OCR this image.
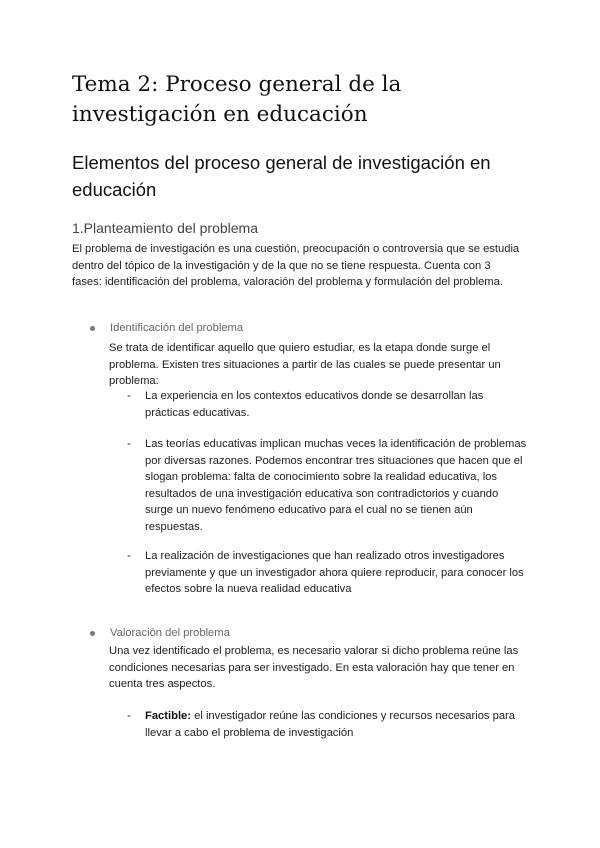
Tema 2: Proceso general de la investigación en educación
Elementos del proceso general de investigación en educación
1.Planteamiento del problema

El problema de investigación es una cuestión, preocupación o controversia que se estudia dentro del tópico de la investigación y de la que no se tiene respuesta. Cuenta con 3 fases: identificación del problema, valoración del problema y formulación del problema.

Identificación del problema

Se trata de identificar aquello que quiero estudiar, es la etapa donde surge el problema. Existen tres situaciones a partir de las cuales se puede presentar un problema:

- La experiencia en los contextos educativos donde se desarrollan las prácticas educativas.
- Las teorías educativas implican muchas veces la identificación de problemas por diversas razones. Podemos encontrar tres situaciones que hacen que el slogan problema: falta de conocimiento sobre la realidad educativa, los resultados de una investigación educativa son contradictorios y cuando surge un nuevo fenómeno educativo para el cual no se tienen aún respuestas.
- La realización de investigaciones que han realizado otros investigadores previamente y que un investigador ahora quiere reproducir, para conocer los efectos sobre la nueva realidad educativa
Valoración del problema

Una vez identificado el problema, es necesario valorar si dicho problema reúne las condiciones necesarias para ser investigado. En esta valoración hay que tener en cuenta tres aspectos.

- Factible: el investigador reúne las condiciones y recursos necesarios para llevar a cabo el problema de investigación
